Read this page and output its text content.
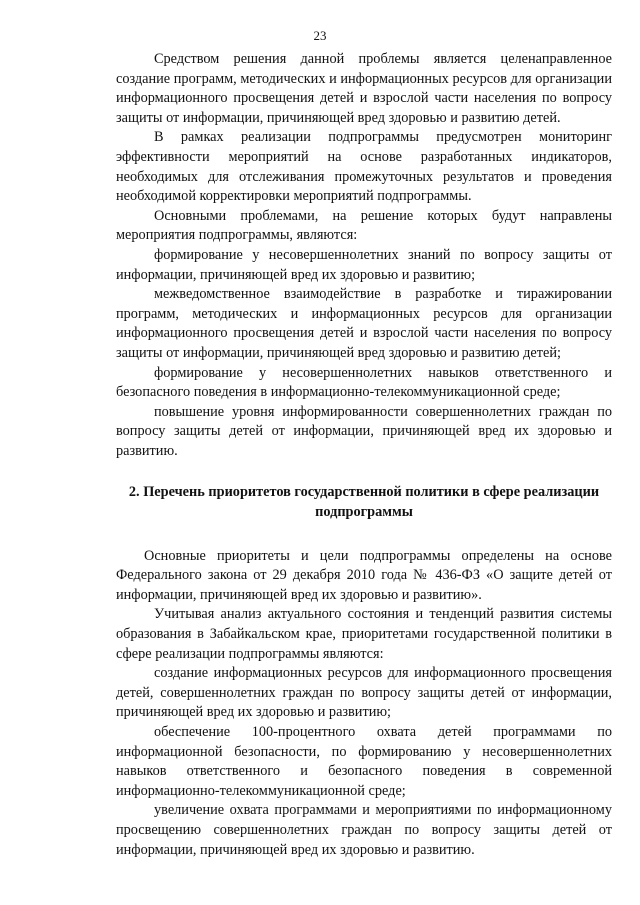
23

Средством решения данной проблемы является целенаправленное создание программ, методических и информационных ресурсов для организации информационного просвещения детей и взрослой части населения по вопросу защиты от информации, причиняющей вред здоровью и развитию детей.

В рамках реализации подпрограммы предусмотрен мониторинг эффективности мероприятий на основе разработанных индикаторов, необходимых для отслеживания промежуточных результатов и проведения необходимой корректировки мероприятий подпрограммы.

Основными проблемами, на решение которых будут направлены мероприятия подпрограммы, являются:

формирование у несовершеннолетних знаний по вопросу защиты от информации, причиняющей вред их здоровью и развитию;

межведомственное взаимодействие в разработке и тиражировании программ, методических и информационных ресурсов для организации информационного просвещения детей и взрослой части населения по вопросу защиты от информации, причиняющей вред здоровью и развитию детей;

формирование у несовершеннолетних навыков ответственного и безопасного поведения в информационно-телекоммуникационной среде;

повышение уровня информированности совершеннолетних граждан по вопросу защиты детей от информации, причиняющей вред их здоровью и развитию.

2. Перечень приоритетов государственной политики в сфере реализации подпрограммы

Основные приоритеты и цели подпрограммы определены на основе Федерального закона от 29 декабря 2010 года № 436-ФЗ «О защите детей от информации, причиняющей вред их здоровью и развитию».

Учитывая анализ актуального состояния и тенденций развития системы образования в Забайкальском крае, приоритетами государственной политики в сфере реализации подпрограммы являются:

создание информационных ресурсов для информационного просвещения детей, совершеннолетних граждан по вопросу защиты детей от информации, причиняющей вред их здоровью и развитию;

обеспечение 100-процентного охвата детей программами по информационной безопасности, по формированию у несовершеннолетних навыков ответственного и безопасного поведения в современной информационно-телекоммуникационной среде;

увеличение охвата программами и мероприятиями по информационному просвещению совершеннолетних граждан по вопросу защиты детей от информации, причиняющей вред их здоровью и развитию.
